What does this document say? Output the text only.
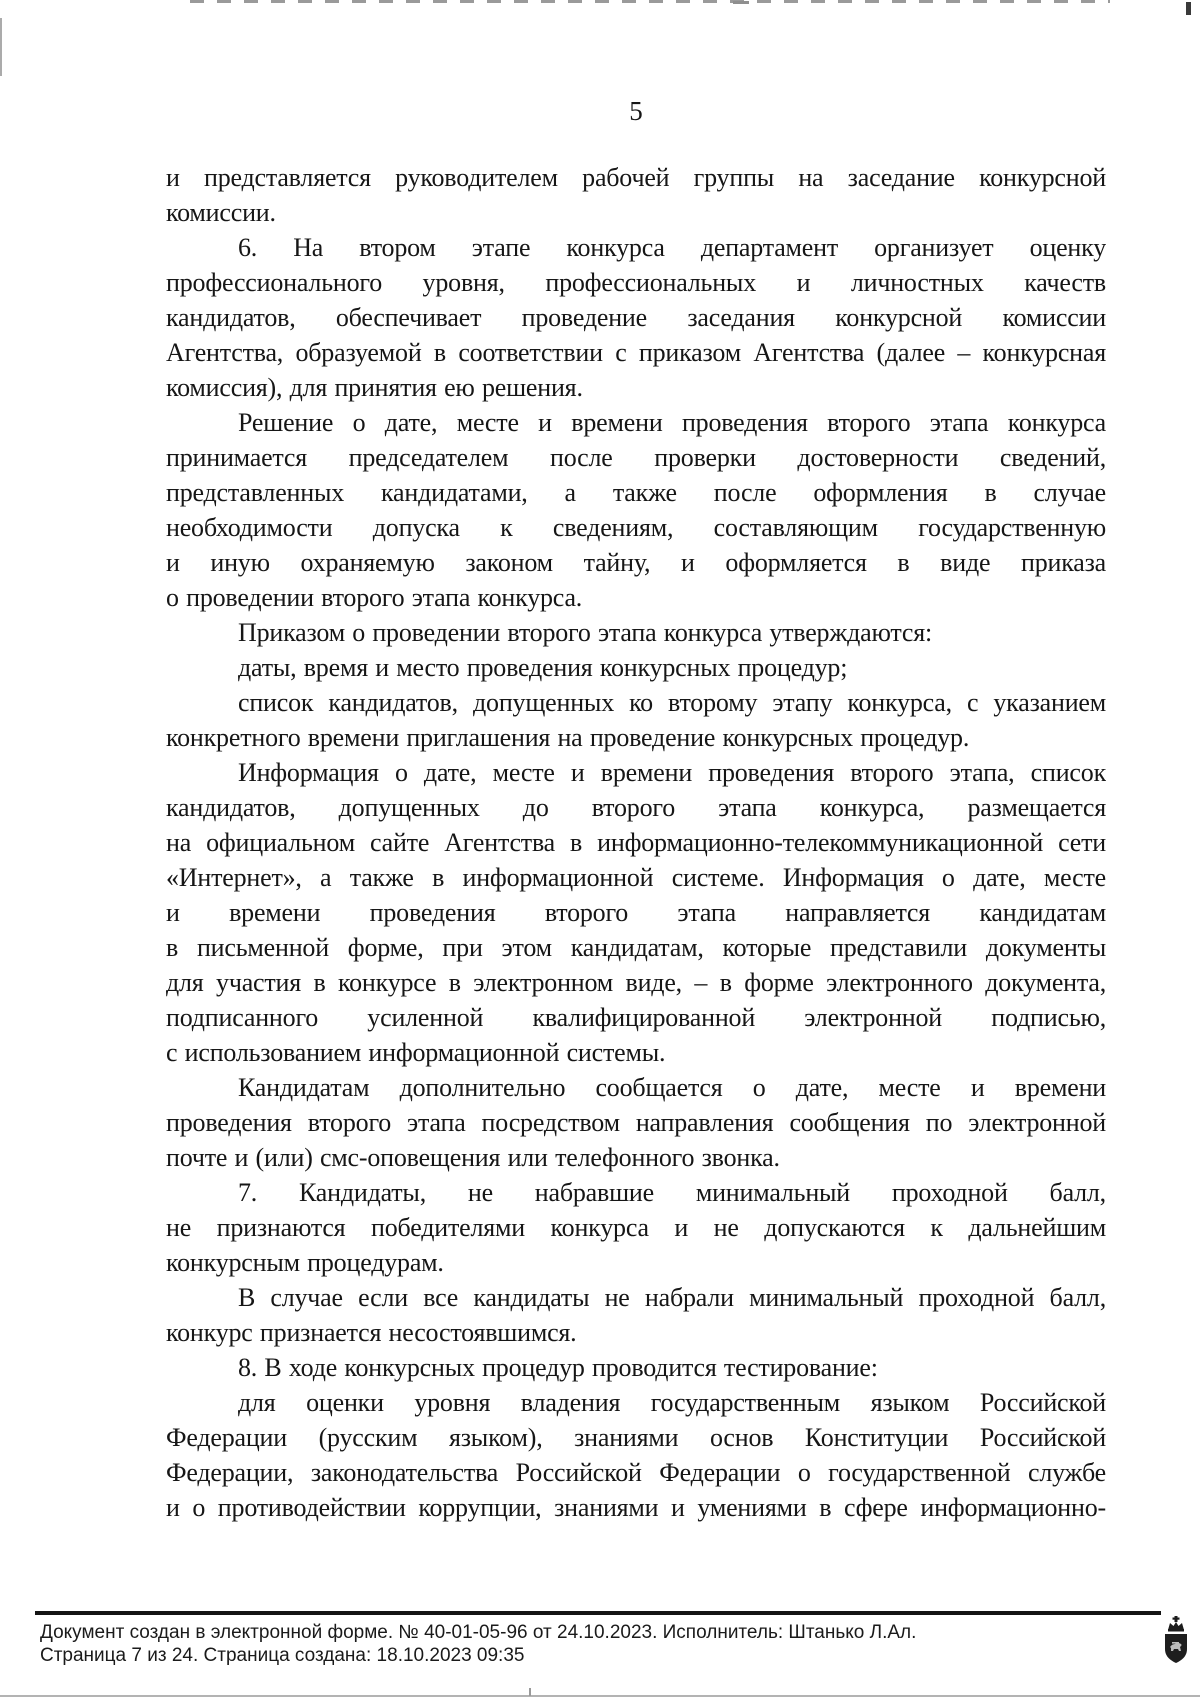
5
и представляется руководителем рабочей группы на заседание конкурсной
комиссии.
6. На втором этапе конкурса департамент организует оценку
профессионального уровня, профессиональных и личностных качеств
кандидатов, обеспечивает проведение заседания конкурсной комиссии
Агентства, образуемой в соответствии с приказом Агентства (далее – конкурсная
комиссия), для принятия ею решения.
Решение о дате, месте и времени проведения второго этапа конкурса
принимается председателем после проверки достоверности сведений,
представленных кандидатами, а также после оформления в случае
необходимости допуска к сведениям, составляющим государственную
и иную охраняемую законом тайну, и оформляется в виде приказа
о проведении второго этапа конкурса.
Приказом о проведении второго этапа конкурса утверждаются:
даты, время и место проведения конкурсных процедур;
список кандидатов, допущенных ко второму этапу конкурса, с указанием
конкретного времени приглашения на проведение конкурсных процедур.
Информация о дате, месте и времени проведения второго этапа, список
кандидатов, допущенных до второго этапа конкурса, размещается
на официальном сайте Агентства в информационно-телекоммуникационной сети
«Интернет», а также в информационной системе. Информация о дате, месте
и времени проведения второго этапа направляется кандидатам
в письменной форме, при этом кандидатам, которые представили документы
для участия в конкурсе в электронном виде, – в форме электронного документа,
подписанного усиленной квалифицированной электронной подписью,
с использованием информационной системы.
Кандидатам дополнительно сообщается о дате, месте и времени
проведения второго этапа посредством направления сообщения по электронной
почте и (или) смс-оповещения или телефонного звонка.
7. Кандидаты, не набравшие минимальный проходной балл,
не признаются победителями конкурса и не допускаются к дальнейшим
конкурсным процедурам.
В случае если все кандидаты не набрали минимальный проходной балл,
конкурс признается несостоявшимся.
8. В ходе конкурсных процедур проводится тестирование:
для оценки уровня владения государственным языком Российской
Федерации (русским языком), знаниями основ Конституции Российской
Федерации, законодательства Российской Федерации о государственной службе
и о противодействии коррупции, знаниями и умениями в сфере информационно-
Документ создан в электронной форме. № 40-01-05-96 от 24.10.2023. Исполнитель: Штанько Л.Ал.
Страница 7 из 24. Страница создана: 18.10.2023 09:35
